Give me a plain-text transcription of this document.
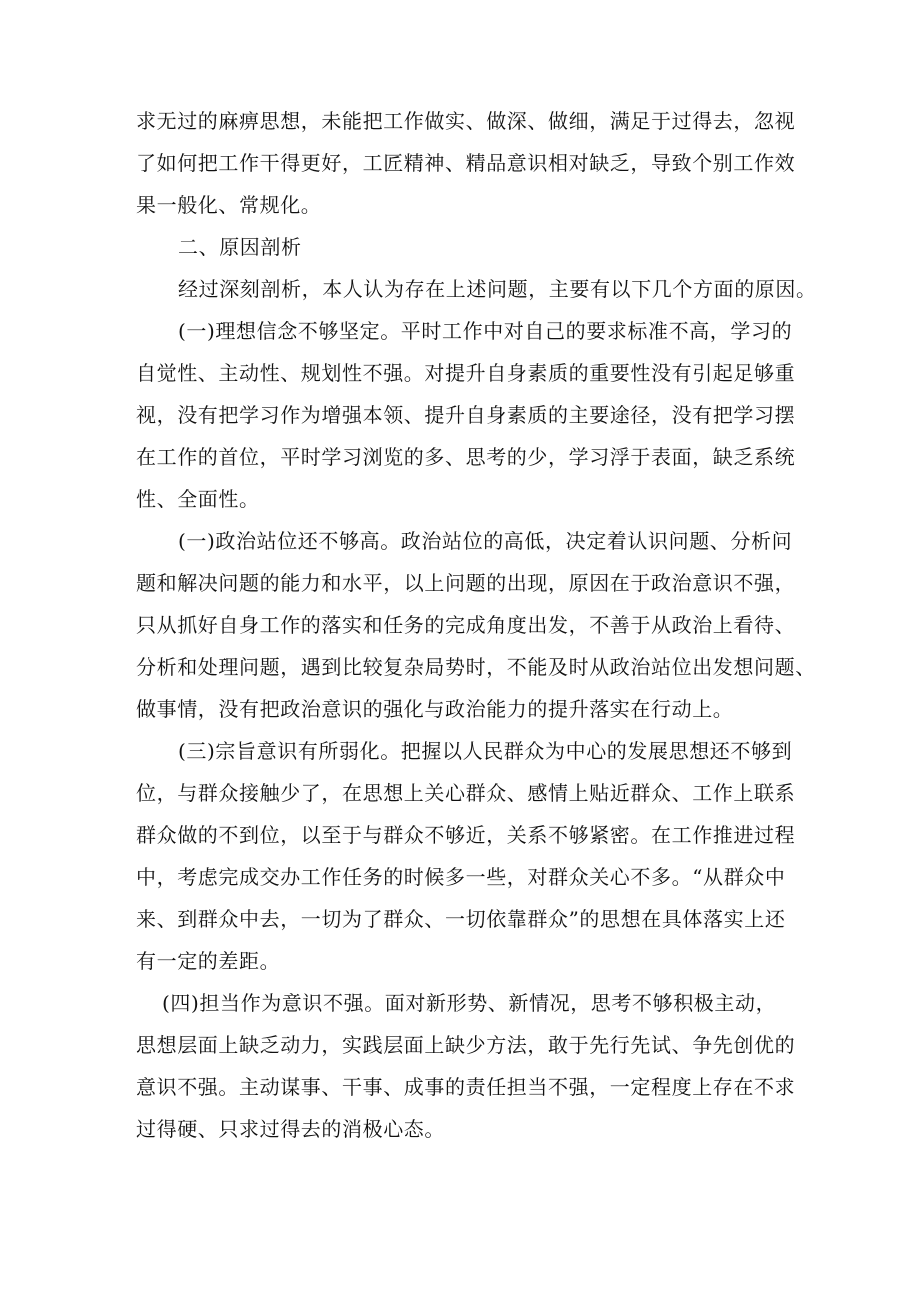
求无过的麻痹思想，未能把工作做实、做深、做细，满足于过得去，忽视
了如何把工作干得更好，工匠精神、精品意识相对缺乏，导致个别工作效
果一般化、常规化。
二、原因剖析
经过深刻剖析，本人认为存在上述问题，主要有以下几个方面的原因。
(一)理想信念不够坚定。平时工作中对自己的要求标准不高，学习的
自觉性、主动性、规划性不强。对提升自身素质的重要性没有引起足够重
视，没有把学习作为增强本领、提升自身素质的主要途径，没有把学习摆
在工作的首位，平时学习浏览的多、思考的少，学习浮于表面，缺乏系统
性、全面性。
(一)政治站位还不够高。政治站位的高低，决定着认识问题、分析问
题和解决问题的能力和水平，以上问题的出现，原因在于政治意识不强，
只从抓好自身工作的落实和任务的完成角度出发，不善于从政治上看待、
分析和处理问题，遇到比较复杂局势时，不能及时从政治站位出发想问题、
做事情，没有把政治意识的强化与政治能力的提升落实在行动上。
(三)宗旨意识有所弱化。把握以人民群众为中心的发展思想还不够到
位，与群众接触少了，在思想上关心群众、感情上贴近群众、工作上联系
群众做的不到位，以至于与群众不够近，关系不够紧密。在工作推进过程
中，考虑完成交办工作任务的时候多一些，对群众关心不多。“从群众中
来、到群众中去，一切为了群众、一切依靠群众”的思想在具体落实上还
有一定的差距。
(四)担当作为意识不强。面对新形势、新情况，思考不够积极主动，
思想层面上缺乏动力，实践层面上缺少方法，敢于先行先试、争先创优的
意识不强。主动谋事、干事、成事的责任担当不强，一定程度上存在不求
过得硬、只求过得去的消极心态。
